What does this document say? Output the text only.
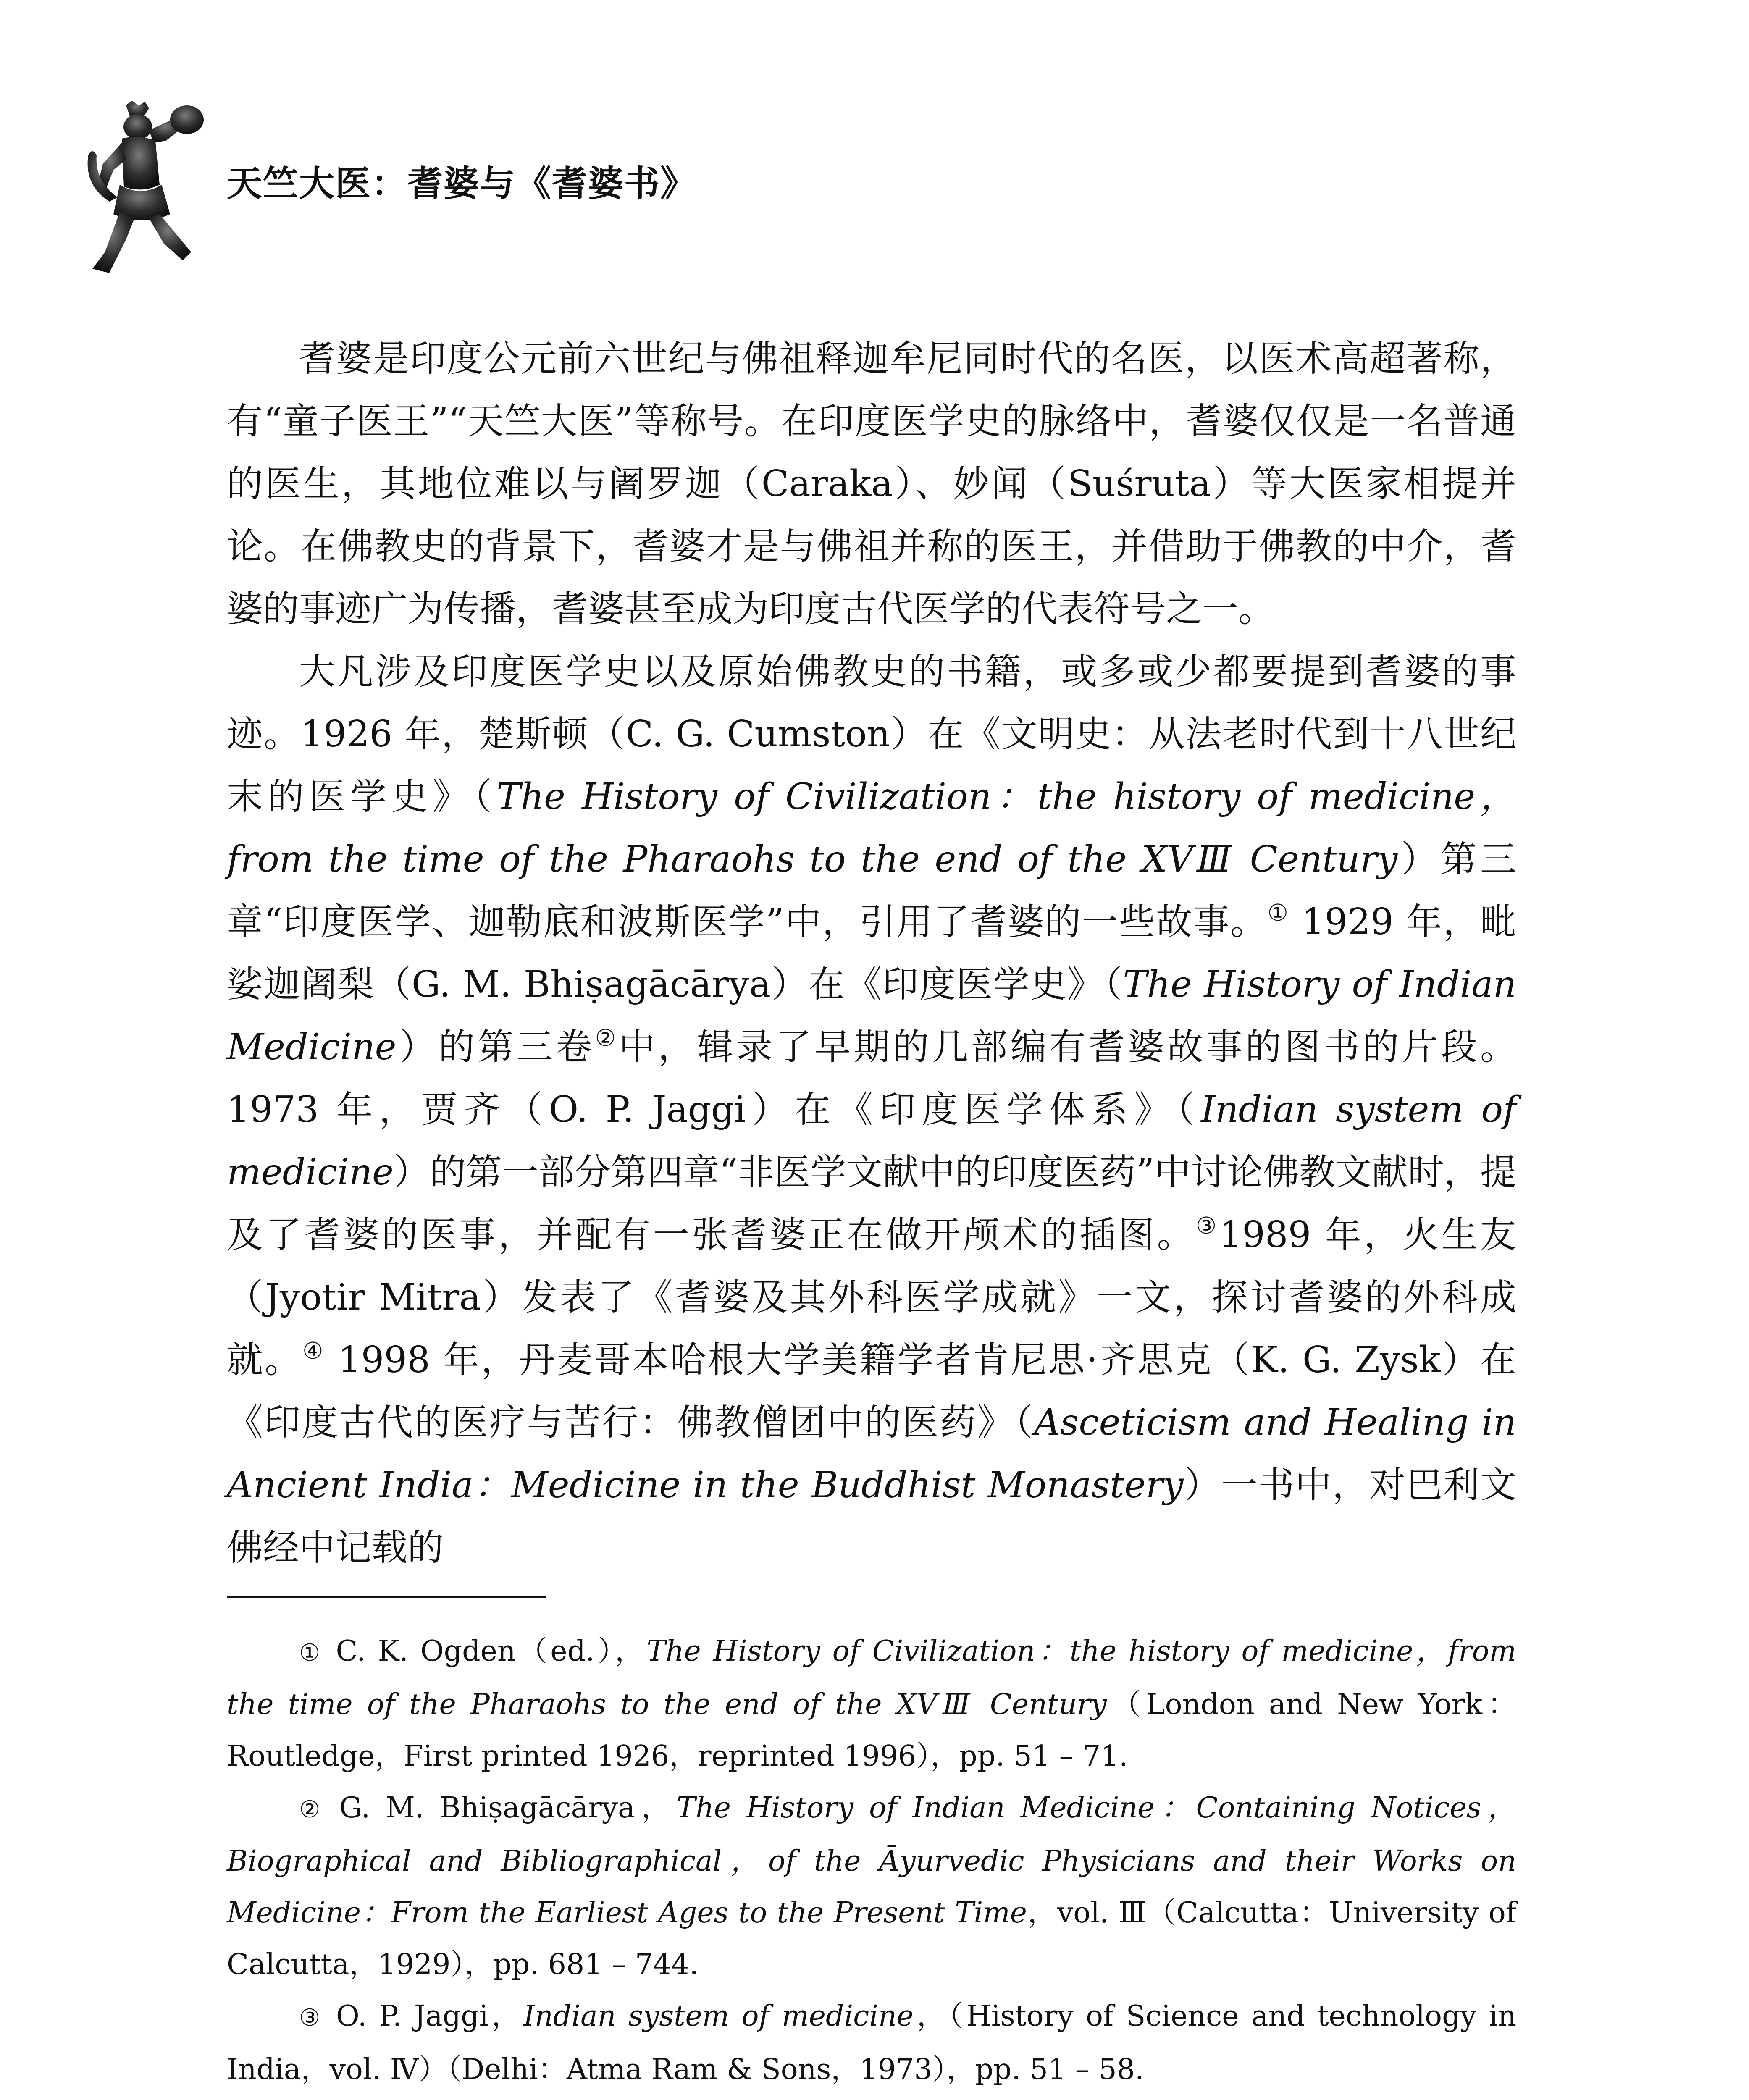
天竺大医：耆婆与《耆婆书》

耆婆是印度公元前六世纪与佛祖释迦牟尼同时代的名医，以医术高超著称，有“童子医王”“天竺大医”等称号。在印度医学史的脉络中，耆婆仅仅是一名普通的医生，其地位难以与阇罗迦（Caraka）、妙闻（Suśruta）等大医家相提并论。在佛教史的背景下，耆婆才是与佛祖并称的医王，并借助于佛教的中介，耆婆的事迹广为传播，耆婆甚至成为印度古代医学的代表符号之一。

大凡涉及印度医学史以及原始佛教史的书籍，或多或少都要提到耆婆的事迹。1926 年，楚斯顿（C. G. Cumston）在《文明史：从法老时代到十八世纪末的医学史》（The History of Civilization：the history of medicine，from the time of the Pharaohs to the end of the XVⅢ Century）第三章“印度医学、迦勒底和波斯医学”中，引用了耆婆的一些故事。① 1929 年，毗娑迦阇梨（G. M. Bhiṣagācārya）在《印度医学史》（The History of Indian Medicine）的第三卷②中，辑录了早期的几部编有耆婆故事的图书的片段。1973 年，贾齐（O. P. Jaggi）在《印度医学体系》（Indian system of medicine）的第一部分第四章“非医学文献中的印度医药”中讨论佛教文献时，提及了耆婆的医事，并配有一张耆婆正在做开颅术的插图。③1989 年，火生友（Jyotir Mitra）发表了《耆婆及其外科医学成就》一文，探讨耆婆的外科成就。④ 1998 年，丹麦哥本哈根大学美籍学者肯尼思·齐思克（K. G. Zysk）在《印度古代的医疗与苦行：佛教僧团中的医药》（Asceticism and Healing in Ancient India：Medicine in the Buddhist Monastery）一书中，对巴利文佛经中记载的

① C. K. Ogden（ed.），The History of Civilization：the history of medicine，from the time of the Pharaohs to the end of the XVⅢ Century（London and New York：Routledge，First printed 1926，reprinted 1996），pp. 51 – 71.

② G. M. Bhiṣagācārya，The History of Indian Medicine：Containing Notices，Biographical and Bibliographical，of the Āyurvedic Physicians and their Works on Medicine：From the Earliest Ages to the Present Time，vol. Ⅲ（Calcutta：University of Calcutta，1929），pp. 681 – 744.

③ O. P. Jaggi，Indian system of medicine，（History of Science and technology in India，vol. Ⅳ）（Delhi：Atma Ram & Sons，1973），pp. 51 – 58.
